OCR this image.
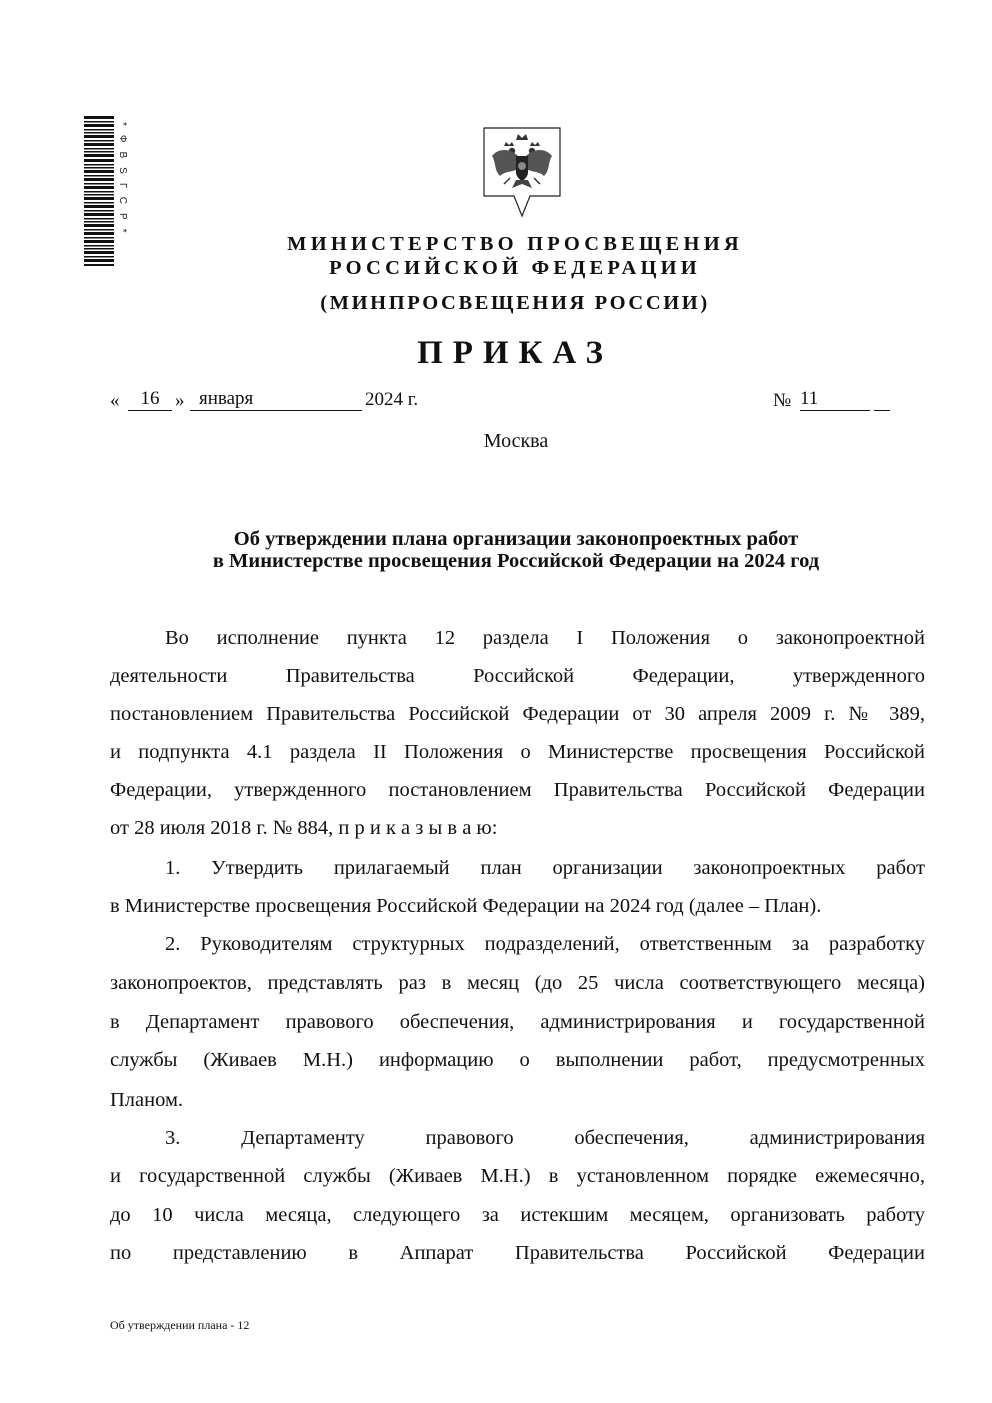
*ФВЅГСР*
МИНИСТЕРСТВО ПРОСВЕЩЕНИЯ
РОССИЙСКОЙ ФЕДЕРАЦИИ
(МИНПРОСВЕЩЕНИЯ РОССИИ)
ПРИКАЗ
«	16 » января	2024 г.	№ 11
Москва
Об утверждении плана организации законопроектных работ
в Министерстве просвещения Российской Федерации на 2024 год
Во исполнение пункта 12 раздела I Положения о законопроектной
деятельности Правительства Российской Федерации, утвержденного
постановлением Правительства Российской Федерации от 30 апреля 2009 г. № 389,
и подпункта 4.1 раздела II Положения о Министерстве просвещения Российской
Федерации, утвержденного постановлением Правительства Российской Федерации
от 28 июля 2018 г. № 884, п р и к а з ы в а ю:
1. Утвердить прилагаемый план организации законопроектных работ
в Министерстве просвещения Российской Федерации на 2024 год (далее – План).
2. Руководителям структурных подразделений, ответственным за разработку
законопроектов, представлять раз в месяц (до 25 числа соответствующего месяца)
в Департамент правового обеспечения, администрирования и государственной
службы (Живаев М.Н.) информацию о выполнении работ, предусмотренных
Планом.
3. Департаменту правового обеспечения, администрирования
и государственной службы (Живаев М.Н.) в установленном порядке ежемесячно,
до 10 числа месяца, следующего за истекшим месяцем, организовать работу
по представлению в Аппарат Правительства Российской Федерации
Об утверждении плана - 12
